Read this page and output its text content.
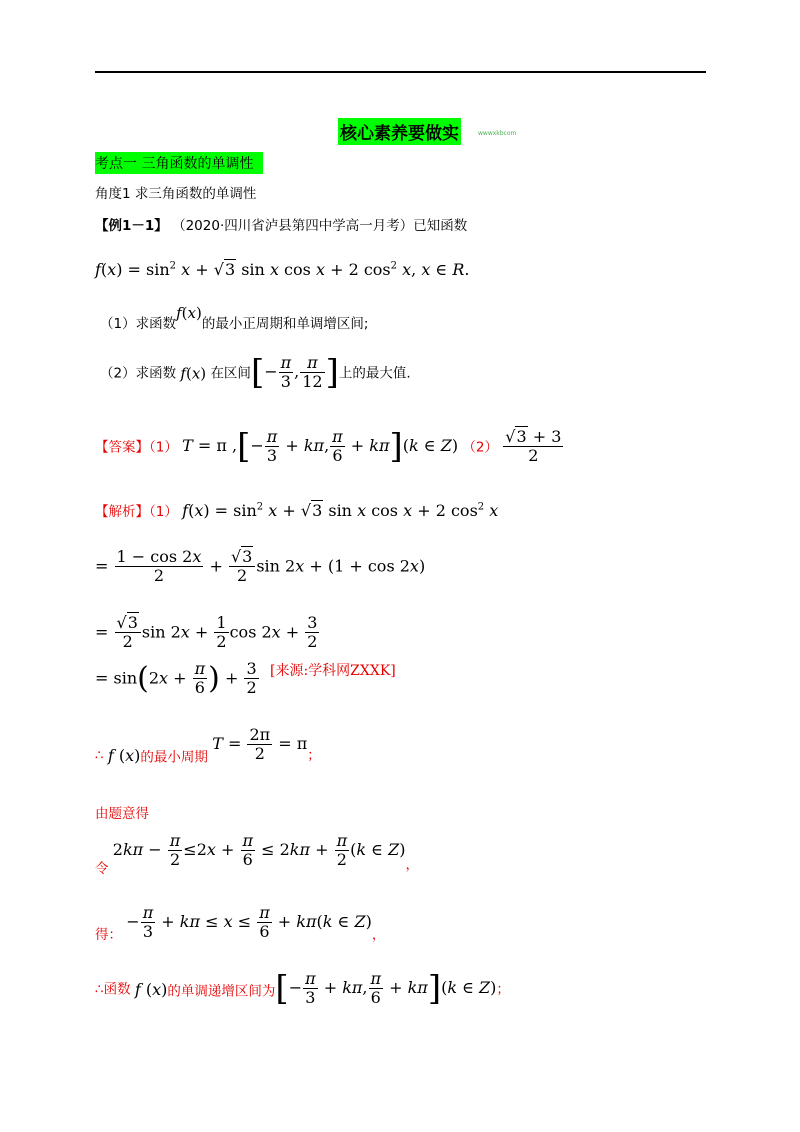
核心素养要做实	wwwxkbcom
考点一 三角函数的单调性
角度1 求三角函数的单调性
【例1－1】 （2020·四川省泸县第四中学高一月考）已知函数
$f(x) = \sin^2 x + √3$ sin x cos x + 2 $\cos^2 x$, x ∈ R.
（1）求函数f(x)的最小正周期和单调增区间;
（2）求函数 f(x) 在区间[− $\frac{\pi}{3}$ , $\frac{\pi}{12}$ ]上的最大值.
【答案】（1） T = π ,[− $\frac{\pi}{3} + k\pi$, $\frac{\pi}{6} + k\pi](k$ ∈ Z) $(2) \frac{√3 + 3}{2}$
【解析】（1） $f(x) = \sin^2 x + √3$ sin x cos x + 2 $\cos^2 x$
= $\frac{1 - \cos 2x}{2} + \frac{√3}{2}$ sin 2x + (1 + cos 2x)
= $\frac{√3}{2}$ $\sin 2x + \frac{1}{2}$ $\cos 2x + \frac{3}{2}$
= $\sin(2x + \frac{\pi}{6}$ ) + $\frac{3}{2}$ [来源:学科网ZXXK]
∴ f (x)的最小周期 $T = \frac{2\pi}{2} = \pi$；
由题意得
令 $2k\pi - \frac{\pi}{2} \le 2x + \frac{\pi}{6} \le 2k\pi + \frac{\pi}{2} (k$ ∈ Z)，
得： − $\frac{\pi}{3} + k\pi \le x \le \frac{\pi}{6} + k\pi(k$ ∈ Z)，
∴函数 f (x)的单调递增区间为[− $\frac{\pi}{3} + k\pi$, $\frac{\pi}{6} + k\pi](k$ ∈ Z)；
